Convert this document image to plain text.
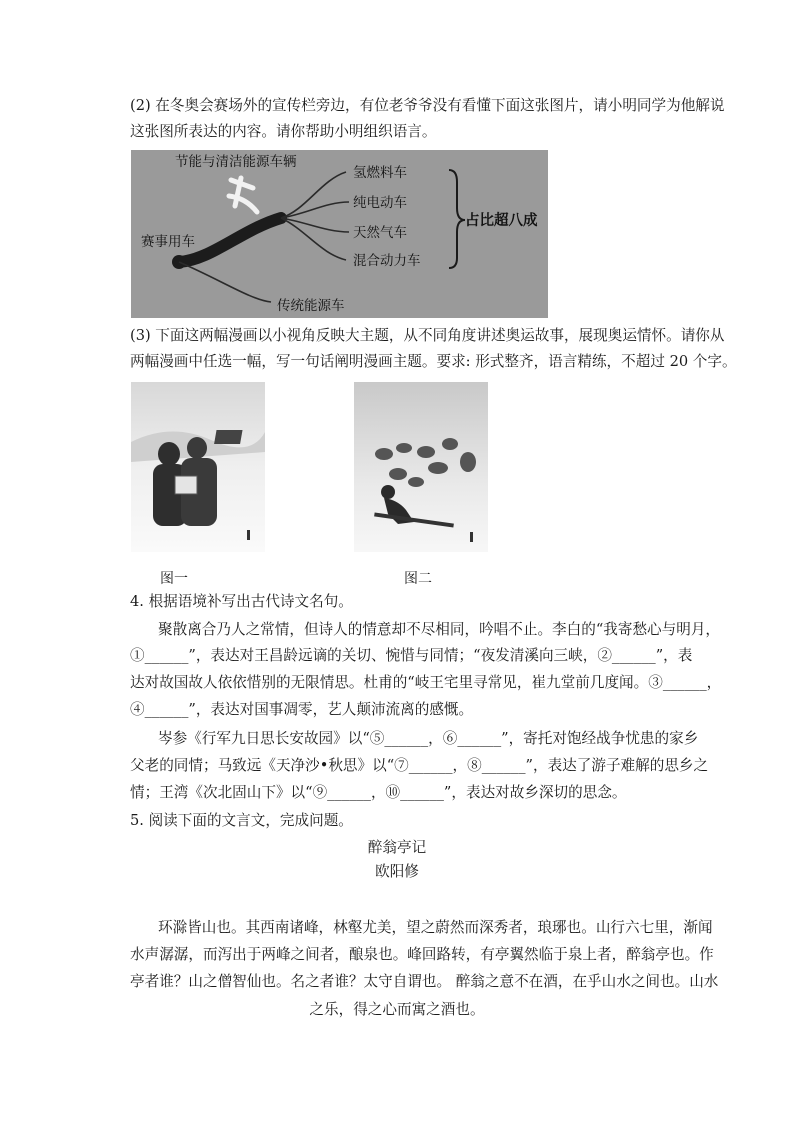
(2) 在冬奥会赛场外的宣传栏旁边，有位老爷爷没有看懂下面这张图片，请小明同学为他解说
这张图所表达的内容。请你帮助小明组织语言。
节能与清洁能源车辆
赛事用车
氢燃料车
纯电动车
天然气车
混合动力车
占比超八成
传统能源车
(3) 下面这两幅漫画以小视角反映大主题，从不同角度讲述奥运故事，展现奥运情怀。请你从
两幅漫画中任选一幅，写一句话阐明漫画主题。要求: 形式整齐，语言精练，不超过 20 个字。
图一	图二
4. 根据语境补写出古代诗文名句。
聚散离合乃人之常情，但诗人的情意却不尽相同，吟唱不止。李白的“我寄愁心与明月，
①______”，表达对王昌龄远谪的关切、惋惜与同情；“夜发清溪向三峡，②______”，表
达对故国故人依依惜别的无限情思。杜甫的“岐王宅里寻常见，崔九堂前几度闻。③______，
④______”，表达对国事凋零，艺人颠沛流离的感慨。
岑参《行军九日思长安故园》以“⑤______，⑥______”，寄托对饱经战争忧患的家乡
父老的同情；马致远《天净沙•秋思》以“⑦______，⑧______”，表达了游子难解的思乡之
情；王湾《次北固山下》以“⑨______，⑩______”，表达对故乡深切的思念。
5. 阅读下面的文言文，完成问题。
醉翁亭记
欧阳修
环滁皆山也。其西南诸峰，林壑尤美，望之蔚然而深秀者，琅琊也。山行六七里，渐闻
水声潺潺，而泻出于两峰之间者，酿泉也。峰回路转，有亭翼然临于泉上者，醉翁亭也。作
亭者谁？山之僧智仙也。名之者谁？太守自谓也。 醉翁之意不在酒，在乎山水之间也。山水
之乐，得之心而寓之酒也。
